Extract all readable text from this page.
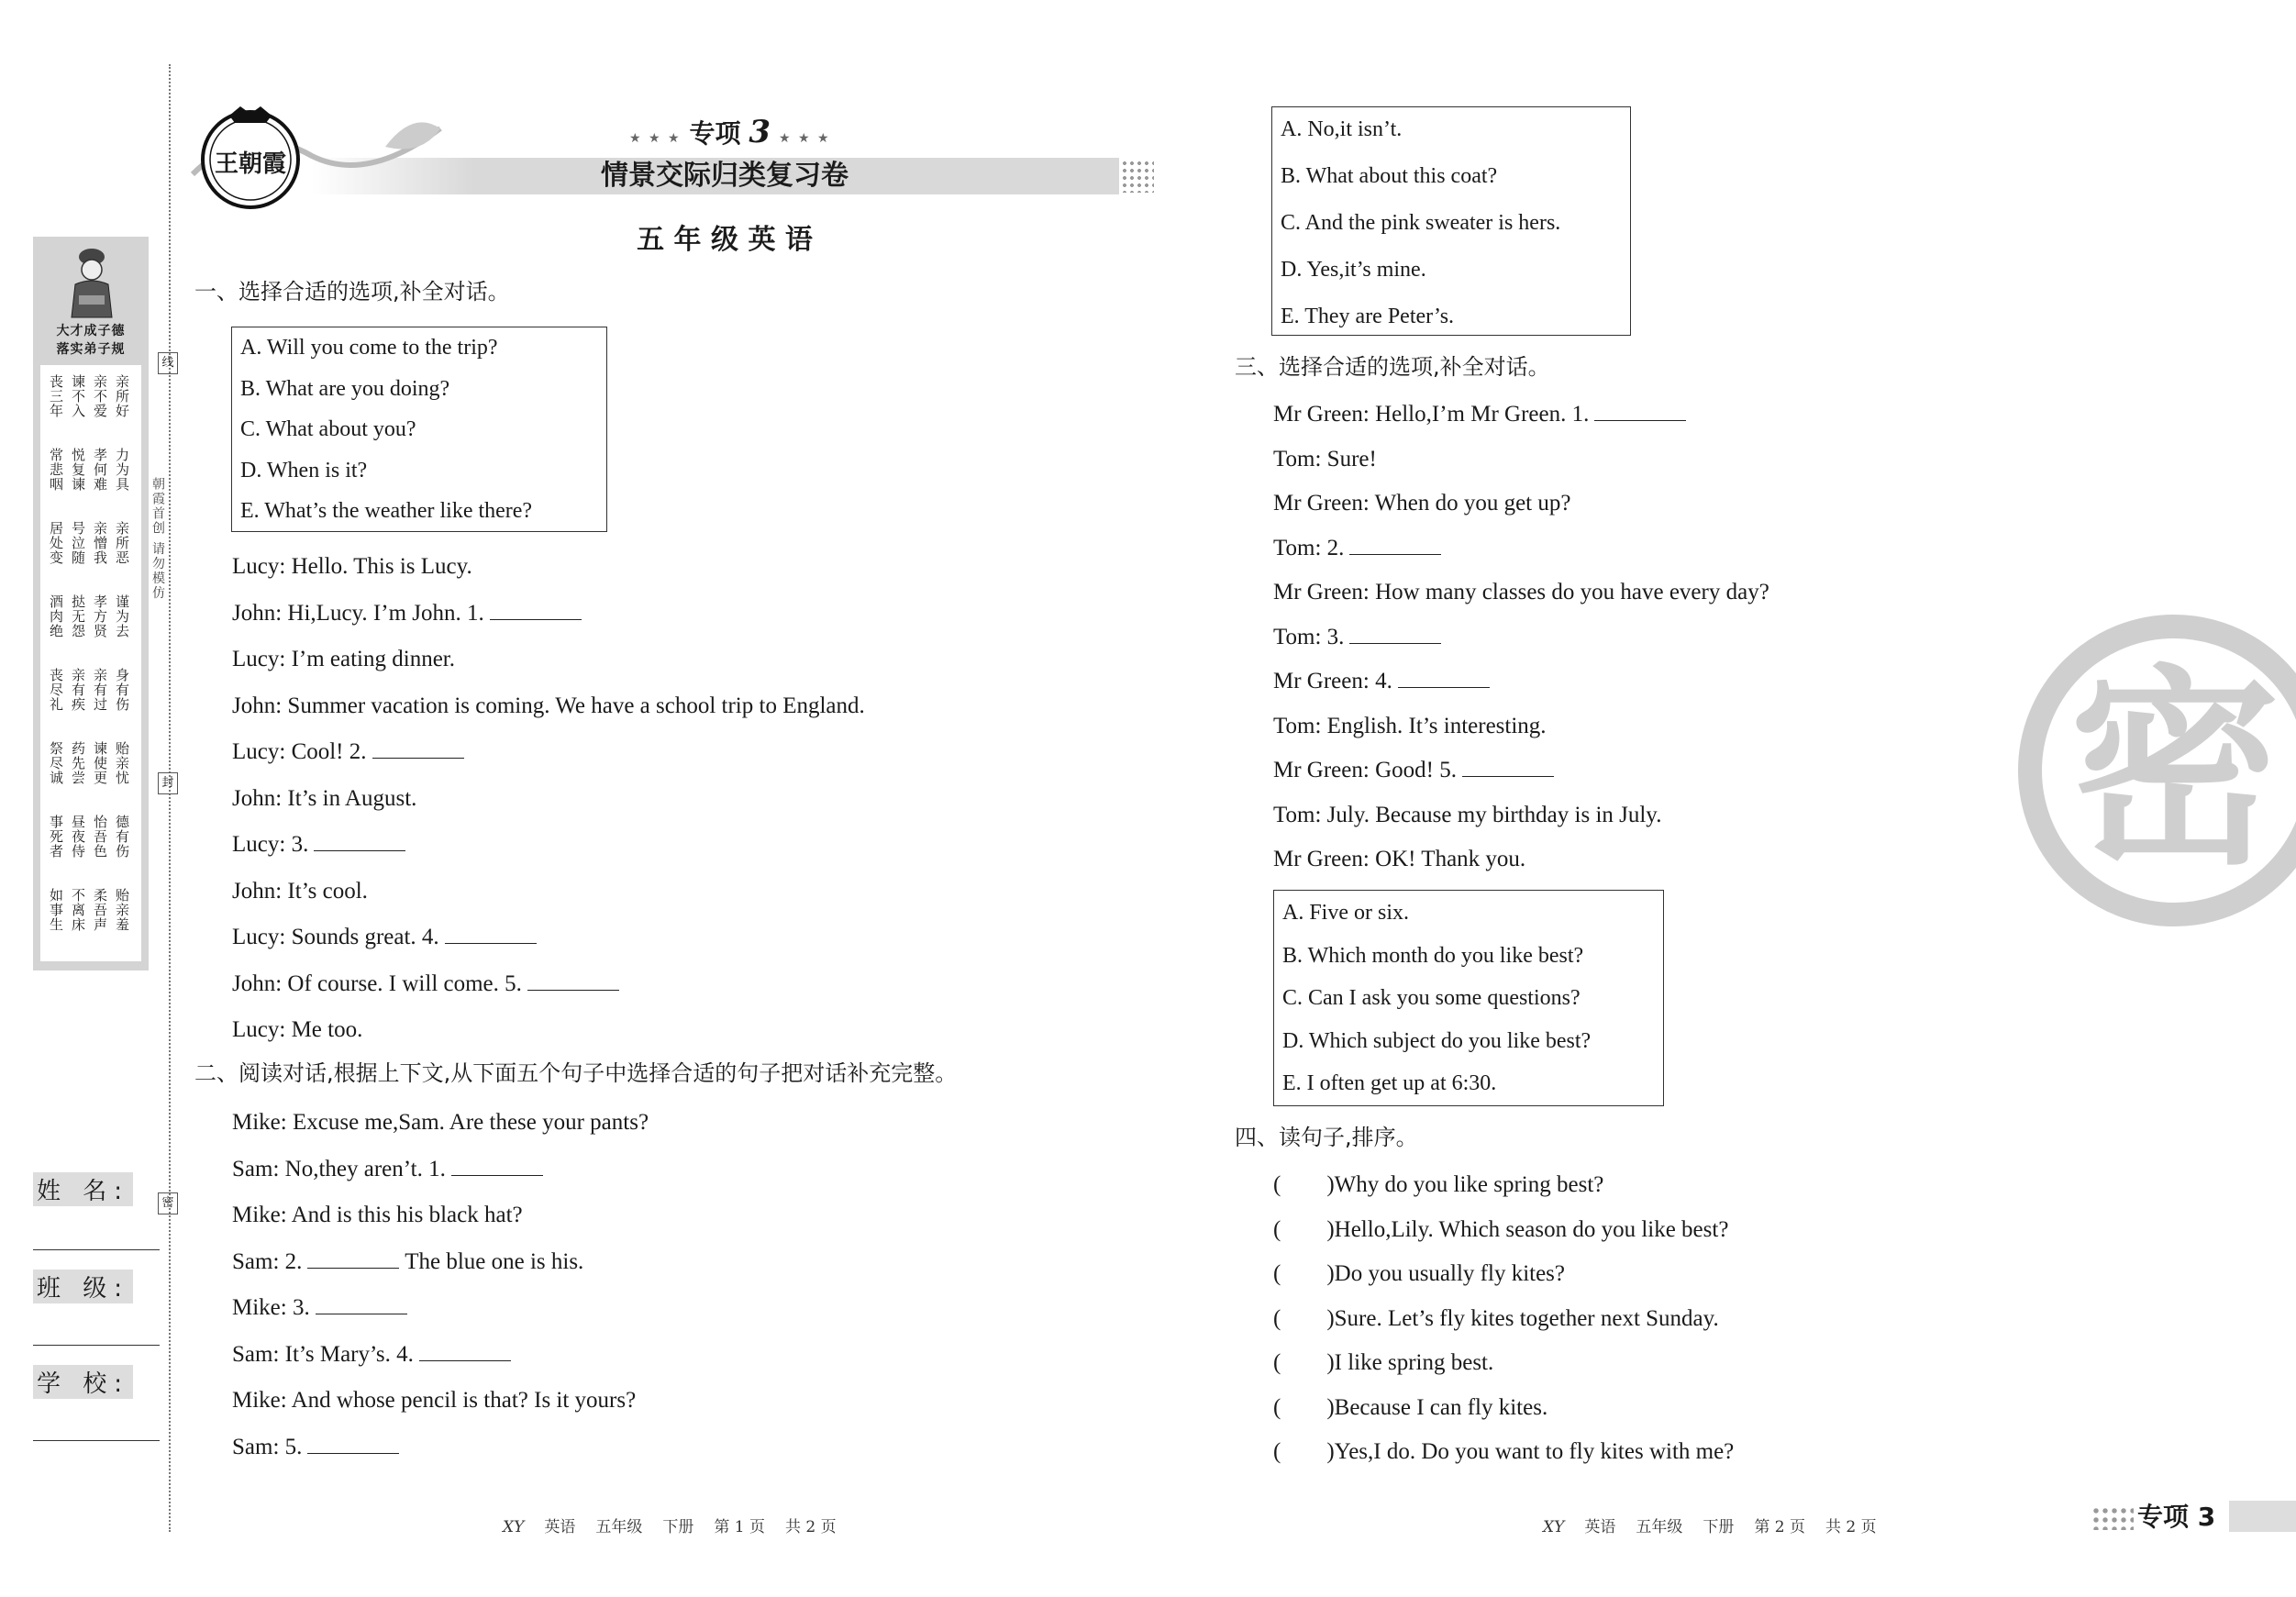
大才成子德
落实弟子规
丧三年
常悲咽
居处变
酒肉绝
丧尽礼
祭尽诚
事死者
如事生
谏不入
悦复谏
号泣随
挞无怨
亲有疾
药先尝
昼夜侍
不离床
亲不爱
孝何难
亲憎我
孝方贤
亲有过
谏使更
怡吾色
柔吾声
亲所好
力为具
亲所恶
谨为去
身有伤
贻亲忧
德有伤
贻亲羞
朝霞首创 请勿模仿
线
封
密
姓 名:
班 级:
学 校:
王朝霞
★ ★ ★ 专项 3 ★ ★ ★
情景交际归类复习卷
五 年 级 英 语
一、选择合适的选项,补全对话。
A. Will you come to the trip?
B. What are you doing?
C. What about you?
D. When is it?
E. What’s the weather like there?
Lucy: Hello. This is Lucy.
John: Hi,Lucy. I’m John. 1.
Lucy: I’m eating dinner.
John: Summer vacation is coming. We have a school trip to England.
Lucy: Cool! 2.
John: It’s in August.
Lucy: 3.
John: It’s cool.
Lucy: Sounds great. 4.
John: Of course. I will come. 5.
Lucy: Me too.
二、阅读对话,根据上下文,从下面五个句子中选择合适的句子把对话补充完整。
Mike: Excuse me,Sam. Are these your pants?
Sam: No,they aren’t. 1.
Mike: And is this his black hat?
Sam: 2.	The blue one is his.
Mike: 3.
Sam: It’s Mary’s. 4.
Mike: And whose pencil is that? Is it yours?
Sam: 5.
A. No,it isn’t.
B. What about this coat?
C. And the pink sweater is hers.
D. Yes,it’s mine.
E. They are Peter’s.
三、选择合适的选项,补全对话。
Mr Green: Hello,I’m Mr Green. 1.
Tom: Sure!
Mr Green: When do you get up?
Tom: 2.
Mr Green: How many classes do you have every day?
Tom: 3.
Mr Green: 4.
Tom: English. It’s interesting.
Mr Green: Good! 5.
Tom: July. Because my birthday is in July.
Mr Green: OK! Thank you.
A. Five or six.
B. Which month do you like best?
C. Can I ask you some questions?
D. Which subject do you like best?
E. I often get up at 6:30.
四、读句子,排序。
(　　)Why do you like spring best?
(　　)Hello,Lily. Which season do you like best?
(　　)Do you usually fly kites?
(　　)Sure. Let’s fly kites together next Sunday.
(　　)I like spring best.
(　　)Because I can fly kites.
(　　)Yes,I do. Do you want to fly kites with me?
密
XY 英语 五年级 下册 第 1 页 共 2 页	XY 英语 五年级 下册 第 2 页 共 2 页	专项 3
